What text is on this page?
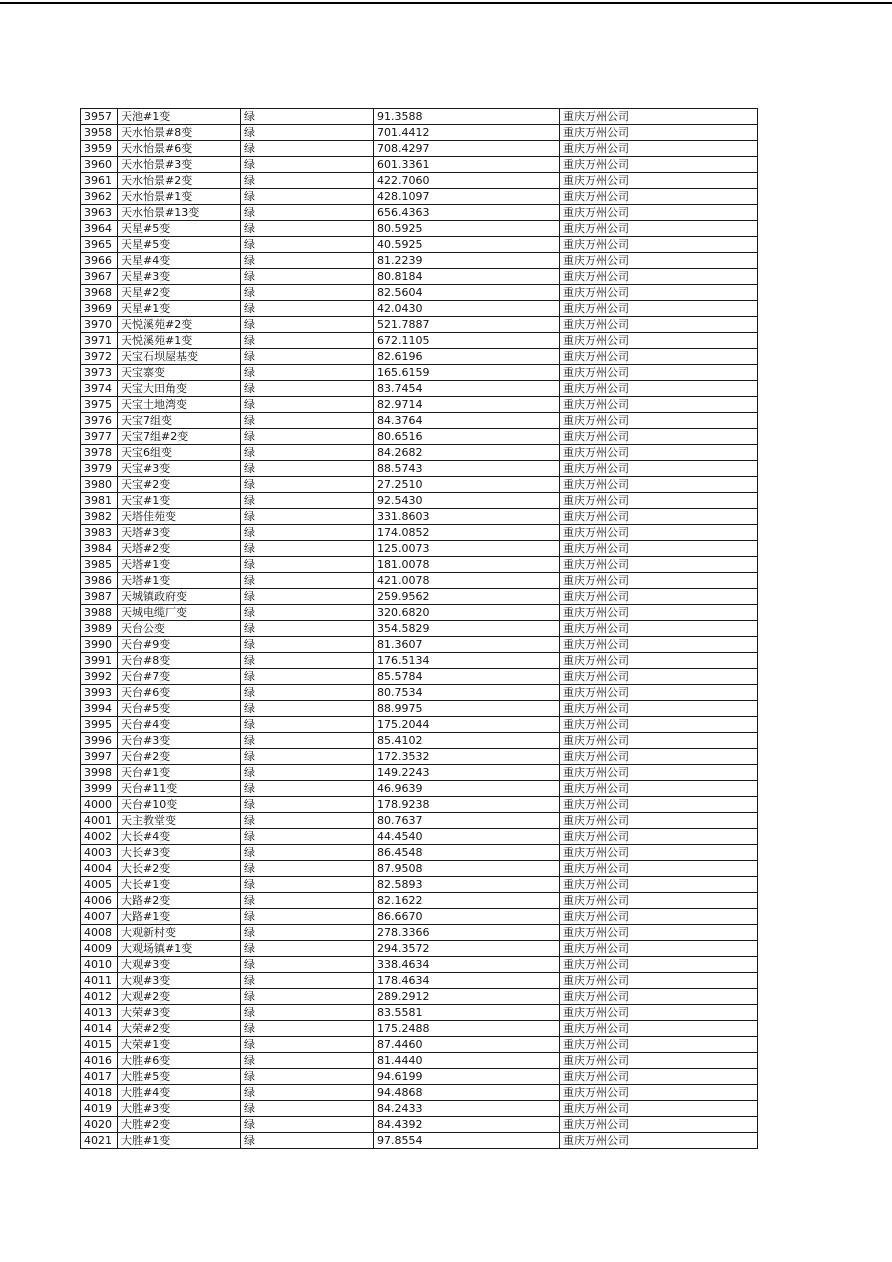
3957	天池#1变	绿	91.3588	重庆万州公司
3958	天水怡景#8变	绿	701.4412	重庆万州公司
3959	天水怡景#6变	绿	708.4297	重庆万州公司
3960	天水怡景#3变	绿	601.3361	重庆万州公司
3961	天水怡景#2变	绿	422.7060	重庆万州公司
3962	天水怡景#1变	绿	428.1097	重庆万州公司
3963	天水怡景#13变	绿	656.4363	重庆万州公司
3964	天星#5变	绿	80.5925	重庆万州公司
3965	天星#5变	绿	40.5925	重庆万州公司
3966	天星#4变	绿	81.2239	重庆万州公司
3967	天星#3变	绿	80.8184	重庆万州公司
3968	天星#2变	绿	82.5604	重庆万州公司
3969	天星#1变	绿	42.0430	重庆万州公司
3970	天悦溪苑#2变	绿	521.7887	重庆万州公司
3971	天悦溪苑#1变	绿	672.1105	重庆万州公司
3972	天宝石坝屋基变	绿	82.6196	重庆万州公司
3973	天宝寨变	绿	165.6159	重庆万州公司
3974	天宝大田角变	绿	83.7454	重庆万州公司
3975	天宝土地湾变	绿	82.9714	重庆万州公司
3976	天宝7组变	绿	84.3764	重庆万州公司
3977	天宝7组#2变	绿	80.6516	重庆万州公司
3978	天宝6组变	绿	84.2682	重庆万州公司
3979	天宝#3变	绿	88.5743	重庆万州公司
3980	天宝#2变	绿	27.2510	重庆万州公司
3981	天宝#1变	绿	92.5430	重庆万州公司
3982	天塔佳苑变	绿	331.8603	重庆万州公司
3983	天塔#3变	绿	174.0852	重庆万州公司
3984	天塔#2变	绿	125.0073	重庆万州公司
3985	天塔#1变	绿	181.0078	重庆万州公司
3986	天塔#1变	绿	421.0078	重庆万州公司
3987	天城镇政府变	绿	259.9562	重庆万州公司
3988	天城电缆厂变	绿	320.6820	重庆万州公司
3989	天台公变	绿	354.5829	重庆万州公司
3990	天台#9变	绿	81.3607	重庆万州公司
3991	天台#8变	绿	176.5134	重庆万州公司
3992	天台#7变	绿	85.5784	重庆万州公司
3993	天台#6变	绿	80.7534	重庆万州公司
3994	天台#5变	绿	88.9975	重庆万州公司
3995	天台#4变	绿	175.2044	重庆万州公司
3996	天台#3变	绿	85.4102	重庆万州公司
3997	天台#2变	绿	172.3532	重庆万州公司
3998	天台#1变	绿	149.2243	重庆万州公司
3999	天台#11变	绿	46.9639	重庆万州公司
4000	天台#10变	绿	178.9238	重庆万州公司
4001	天主教堂变	绿	80.7637	重庆万州公司
4002	大长#4变	绿	44.4540	重庆万州公司
4003	大长#3变	绿	86.4548	重庆万州公司
4004	大长#2变	绿	87.9508	重庆万州公司
4005	大长#1变	绿	82.5893	重庆万州公司
4006	大路#2变	绿	82.1622	重庆万州公司
4007	大路#1变	绿	86.6670	重庆万州公司
4008	大观新村变	绿	278.3366	重庆万州公司
4009	大观场镇#1变	绿	294.3572	重庆万州公司
4010	大观#3变	绿	338.4634	重庆万州公司
4011	大观#3变	绿	178.4634	重庆万州公司
4012	大观#2变	绿	289.2912	重庆万州公司
4013	大荣#3变	绿	83.5581	重庆万州公司
4014	大荣#2变	绿	175.2488	重庆万州公司
4015	大荣#1变	绿	87.4460	重庆万州公司
4016	大胜#6变	绿	81.4440	重庆万州公司
4017	大胜#5变	绿	94.6199	重庆万州公司
4018	大胜#4变	绿	94.4868	重庆万州公司
4019	大胜#3变	绿	84.2433	重庆万州公司
4020	大胜#2变	绿	84.4392	重庆万州公司
4021	大胜#1变	绿	97.8554	重庆万州公司
